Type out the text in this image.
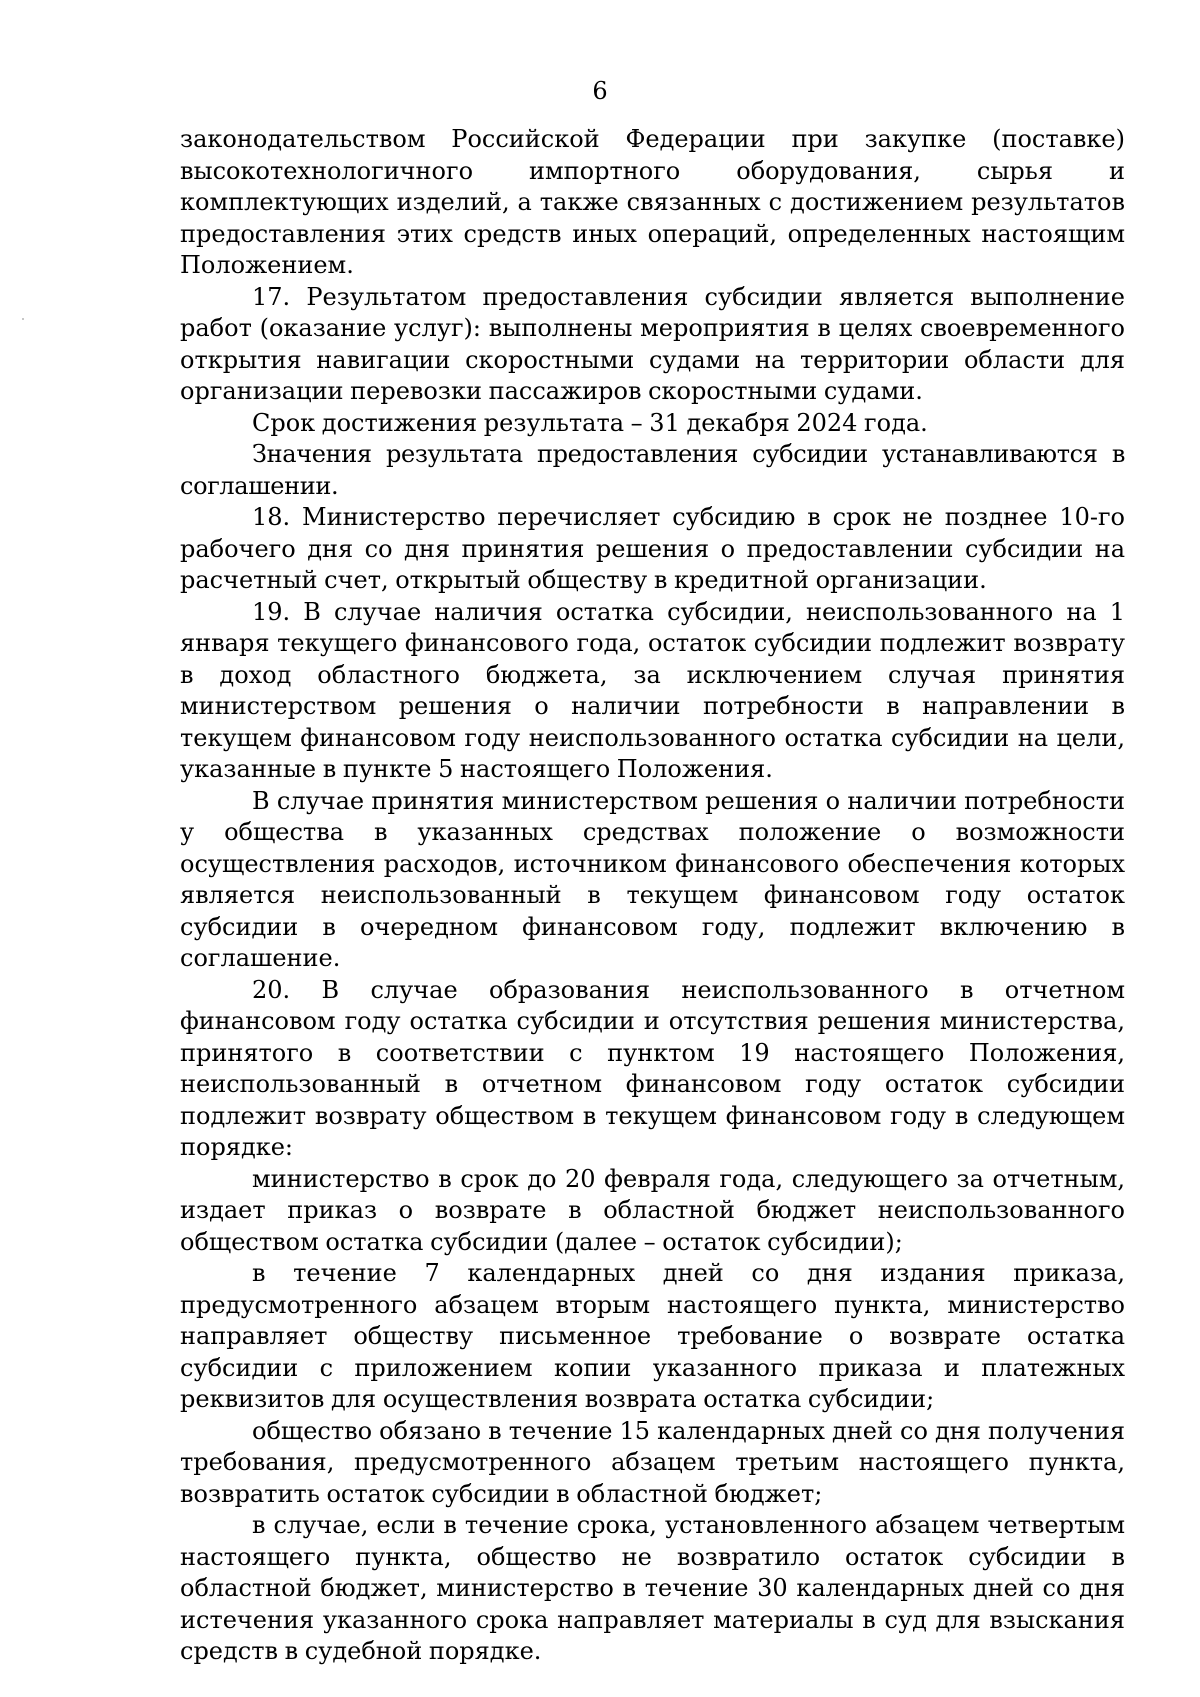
6

законодательством Российской Федерации при закупке (поставке) высокотехнологичного импортного оборудования, сырья и комплектующих изделий, а также связанных с достижением результатов предоставления этих средств иных операций, определенных настоящим Положением.

17. Результатом предоставления субсидии является выполнение работ (оказание услуг): выполнены мероприятия в целях своевременного открытия навигации скоростными судами на территории области для организации перевозки пассажиров скоростными судами.

Срок достижения результата – 31 декабря 2024 года.

Значения результата предоставления субсидии устанавливаются в соглашении.

18. Министерство перечисляет субсидию в срок не позднее 10-го рабочего дня со дня принятия решения о предоставлении субсидии на расчетный счет, открытый обществу в кредитной организации.

19. В случае наличия остатка субсидии, неиспользованного на 1 января текущего финансового года, остаток субсидии подлежит возврату в доход областного бюджета, за исключением случая принятия министерством решения о наличии потребности в направлении в текущем финансовом году неиспользованного остатка субсидии на цели, указанные в пункте 5 настоящего Положения.

В случае принятия министерством решения о наличии потребности у общества в указанных средствах положение о возможности осуществления расходов, источником финансового обеспечения которых является неиспользованный в текущем финансовом году остаток субсидии в очередном финансовом году, подлежит включению в соглашение.

20. В случае образования неиспользованного в отчетном финансовом году остатка субсидии и отсутствия решения министерства, принятого в соответствии с пунктом 19 настоящего Положения, неиспользованный в отчетном финансовом году остаток субсидии подлежит возврату обществом в текущем финансовом году в следующем порядке:

министерство в срок до 20 февраля года, следующего за отчетным, издает приказ о возврате в областной бюджет неиспользованного обществом остатка субсидии (далее – остаток субсидии);

в течение 7 календарных дней со дня издания приказа, предусмотренного абзацем вторым настоящего пункта, министерство направляет обществу письменное требование о возврате остатка субсидии с приложением копии указанного приказа и платежных реквизитов для осуществления возврата остатка субсидии;

общество обязано в течение 15 календарных дней со дня получения требования, предусмотренного абзацем третьим настоящего пункта, возвратить остаток субсидии в областной бюджет;

в случае, если в течение срока, установленного абзацем четвертым настоящего пункта, общество не возвратило остаток субсидии в областной бюджет, министерство в течение 30 календарных дней со дня истечения указанного срока направляет материалы в суд для взыскания средств в судебной порядке.
